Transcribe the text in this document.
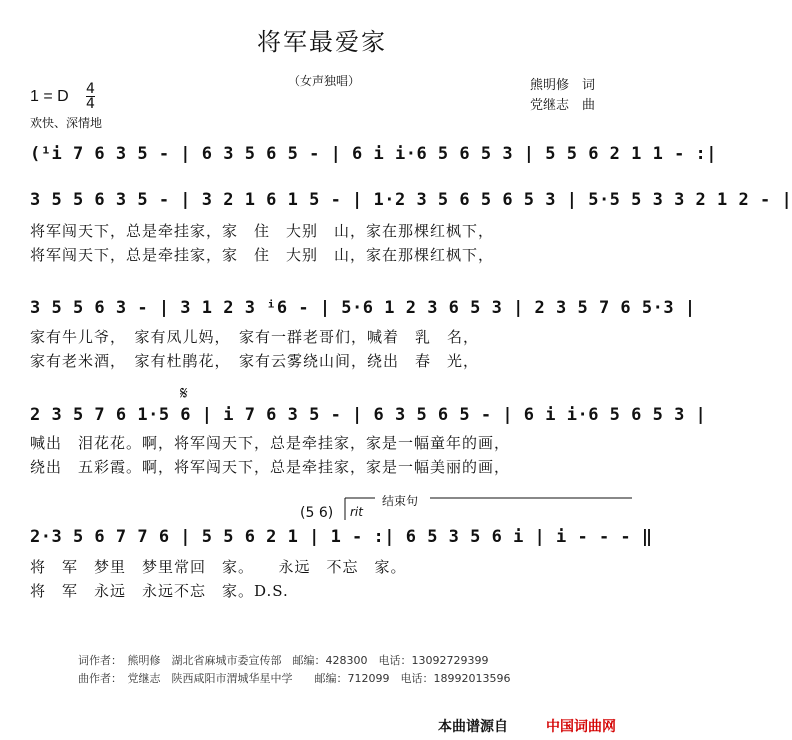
将军最爱家
（女声独唱）	熊明修　词
党继志　曲
1 = D $\frac{4}{4}$
欢快、深情地
(¹i 7 6 3 5 - | 6 3 5 6 5 - | 6 i i·6 5 6 5 3 | 5 5 6 2 1 1 - :|
3 5 5 6 3 5 - | 3 2 1 6 1 5 - | 1·2 3 5 6 5 6 5 3 | 5·5 5 3 3 2 1 2 - |
将军闯天下，总是牵挂家，家　住　大别　山，家在那棵红枫下，
将军闯天下，总是牵挂家，家　住　大别　山，家在那棵红枫下，
3 5 5 6 3 - | 3 1 2 3 ⁱ6 - | 5·6 1 2 3 6 5 3 | 2 3 5 7 6 5·3 |
家有牛儿爷，　家有凤儿妈，　家有一群老哥们，喊着　乳　名，
家有老米酒，　家有杜鹃花，　家有云雾绕山间，绕出　春　光，
𝄋
2 3 5 7 6 1·5 6 | i 7 6 3 5 - | 6 3 5 6 5 - | 6 i i·6 5 6 5 3 |
喊出　泪花花。啊，将军闯天下，总是牵挂家，家是一幅童年的画，
绕出　五彩霞。啊，将军闯天下，总是牵挂家，家是一幅美丽的画，
(5 6) rit
结束句
2·3 5 6 7 7 6 | 5 5 6 2 1 | 1 - :| 6 5 3 5 6 i | i - - - ‖
将　军　梦里　梦里常回　家。　　永远　不忘　家。
将　军　永远　永远不忘　家。D.S.
词作者：　熊明修　湖北省麻城市委宣传部　邮编：428300　电话：13092729399
曲作者：　党继志　陕西咸阳市渭城华星中学　　邮编：712099　电话：18992013596
本曲谱源自	中国词曲网
